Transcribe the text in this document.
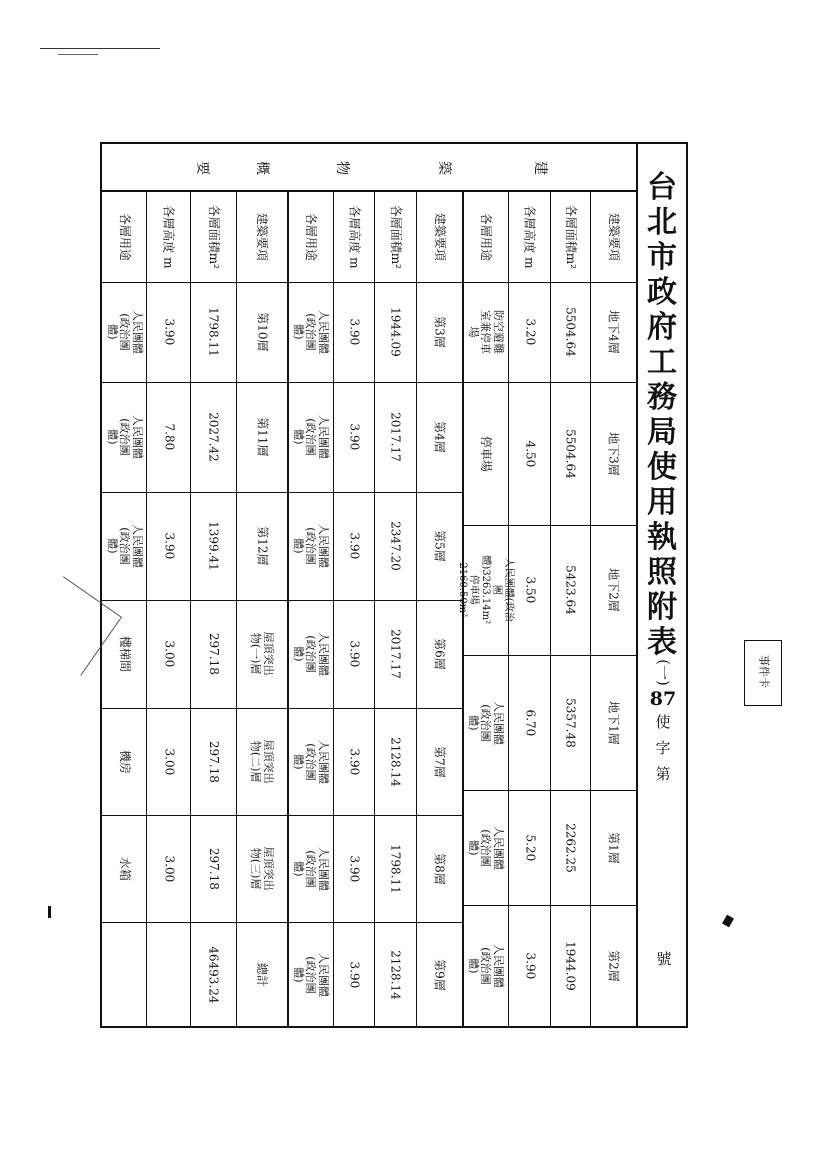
台
北
市
政
府
工
務
局
使
用
執
照
附
表
(一)
87
使
字
第
號
事件卡
建
築
物
概
要
建築要項
各層面積m²
各層高度 m
各層用途
地下4層
5504.64
3.20
防空避難室兼停車場
地下3層
5504.64
4.50
停車場
地下2層
5423.64
3.50
人民團體(政治團體)3263.14m² 停車場 2160.50m²
地下1層
5357.48
6.70
人民團體(政治團體)
第1層
2262.25
5.20
人民團體(政治團體)
第2層
1944.09
3.90
人民團體(政治團體)
建築要項
各層面積m²
各層高度 m
各層用途
第3層
1944.09
3.90
人民團體(政治團體)
第4層
2017.17
3.90
人民團體(政治團體)
第5層
2347.20
3.90
人民團體(政治團體)
第6層
2017.17
3.90
人民團體(政治團體)
第7層
2128.14
3.90
人民團體(政治團體)
第8層
1798.11
3.90
人民團體(政治團體)
第9層
2128.14
3.90
人民團體(政治團體)
建築要項
各層面積m²
各層高度 m
各層用途
第10層
1798.11
3.90
人民團體(政治團體)
第11層
2027.42
7.80
人民團體(政治團體)
第12層
1399.41
3.90
人民團體(政治團體)
屋頂突出物(一)層
297.18
3.00
樓梯間
屋頂突出物(二)層
297.18
3.00
機房
屋頂突出物(三)層
297.18
3.00
水箱
總計
46493.24
